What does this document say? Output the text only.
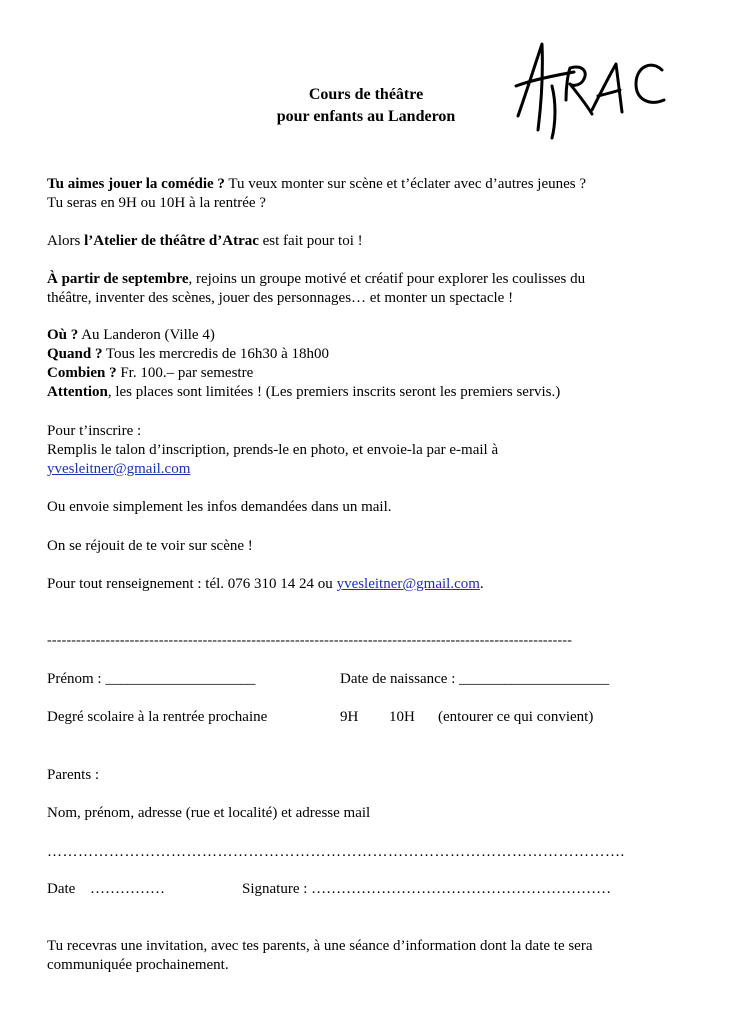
Cours de théâtre
pour enfants au Landeron
Tu aimes jouer la comédie ? Tu veux monter sur scène et t’éclater avec d’autres jeunes ?
Tu seras en 9H ou 10H à la rentrée ?
Alors l’Atelier de théâtre d’Atrac est fait pour toi !
À partir de septembre, rejoins un groupe motivé et créatif pour explorer les coulisses du
théâtre, inventer des scènes, jouer des personnages… et monter un spectacle !
Où ? Au Landeron (Ville 4)
Quand ? Tous les mercredis de 16h30 à 18h00
Combien ? Fr. 100.– par semestre
Attention, les places sont limitées ! (Les premiers inscrits seront les premiers servis.)
Pour t’inscrire :
Remplis le talon d’inscription, prends-le en photo, et envoie-la par e-mail à
yvesleitner@gmail.com
Ou envoie simplement les infos demandées dans un mail.
On se réjouit de te voir sur scène !
Pour tout renseignement : tél. 076 310 14 24 ou yvesleitner@gmail.com.
------------------------------------------------------------------------------------------------------------
Prénom : ____________________	Date de naissance : ____________________
Degré scolaire à la rentrée prochaine	9H 10H (entourer ce qui convient)
Parents :
Nom, prénom, adresse (rue et localité) et adresse mail
………………………………………………………………………………………………….
Date ……………	Signature : ……………………………………………………
Tu recevras une invitation, avec tes parents, à une séance d’information dont la date te sera
communiquée prochainement.
